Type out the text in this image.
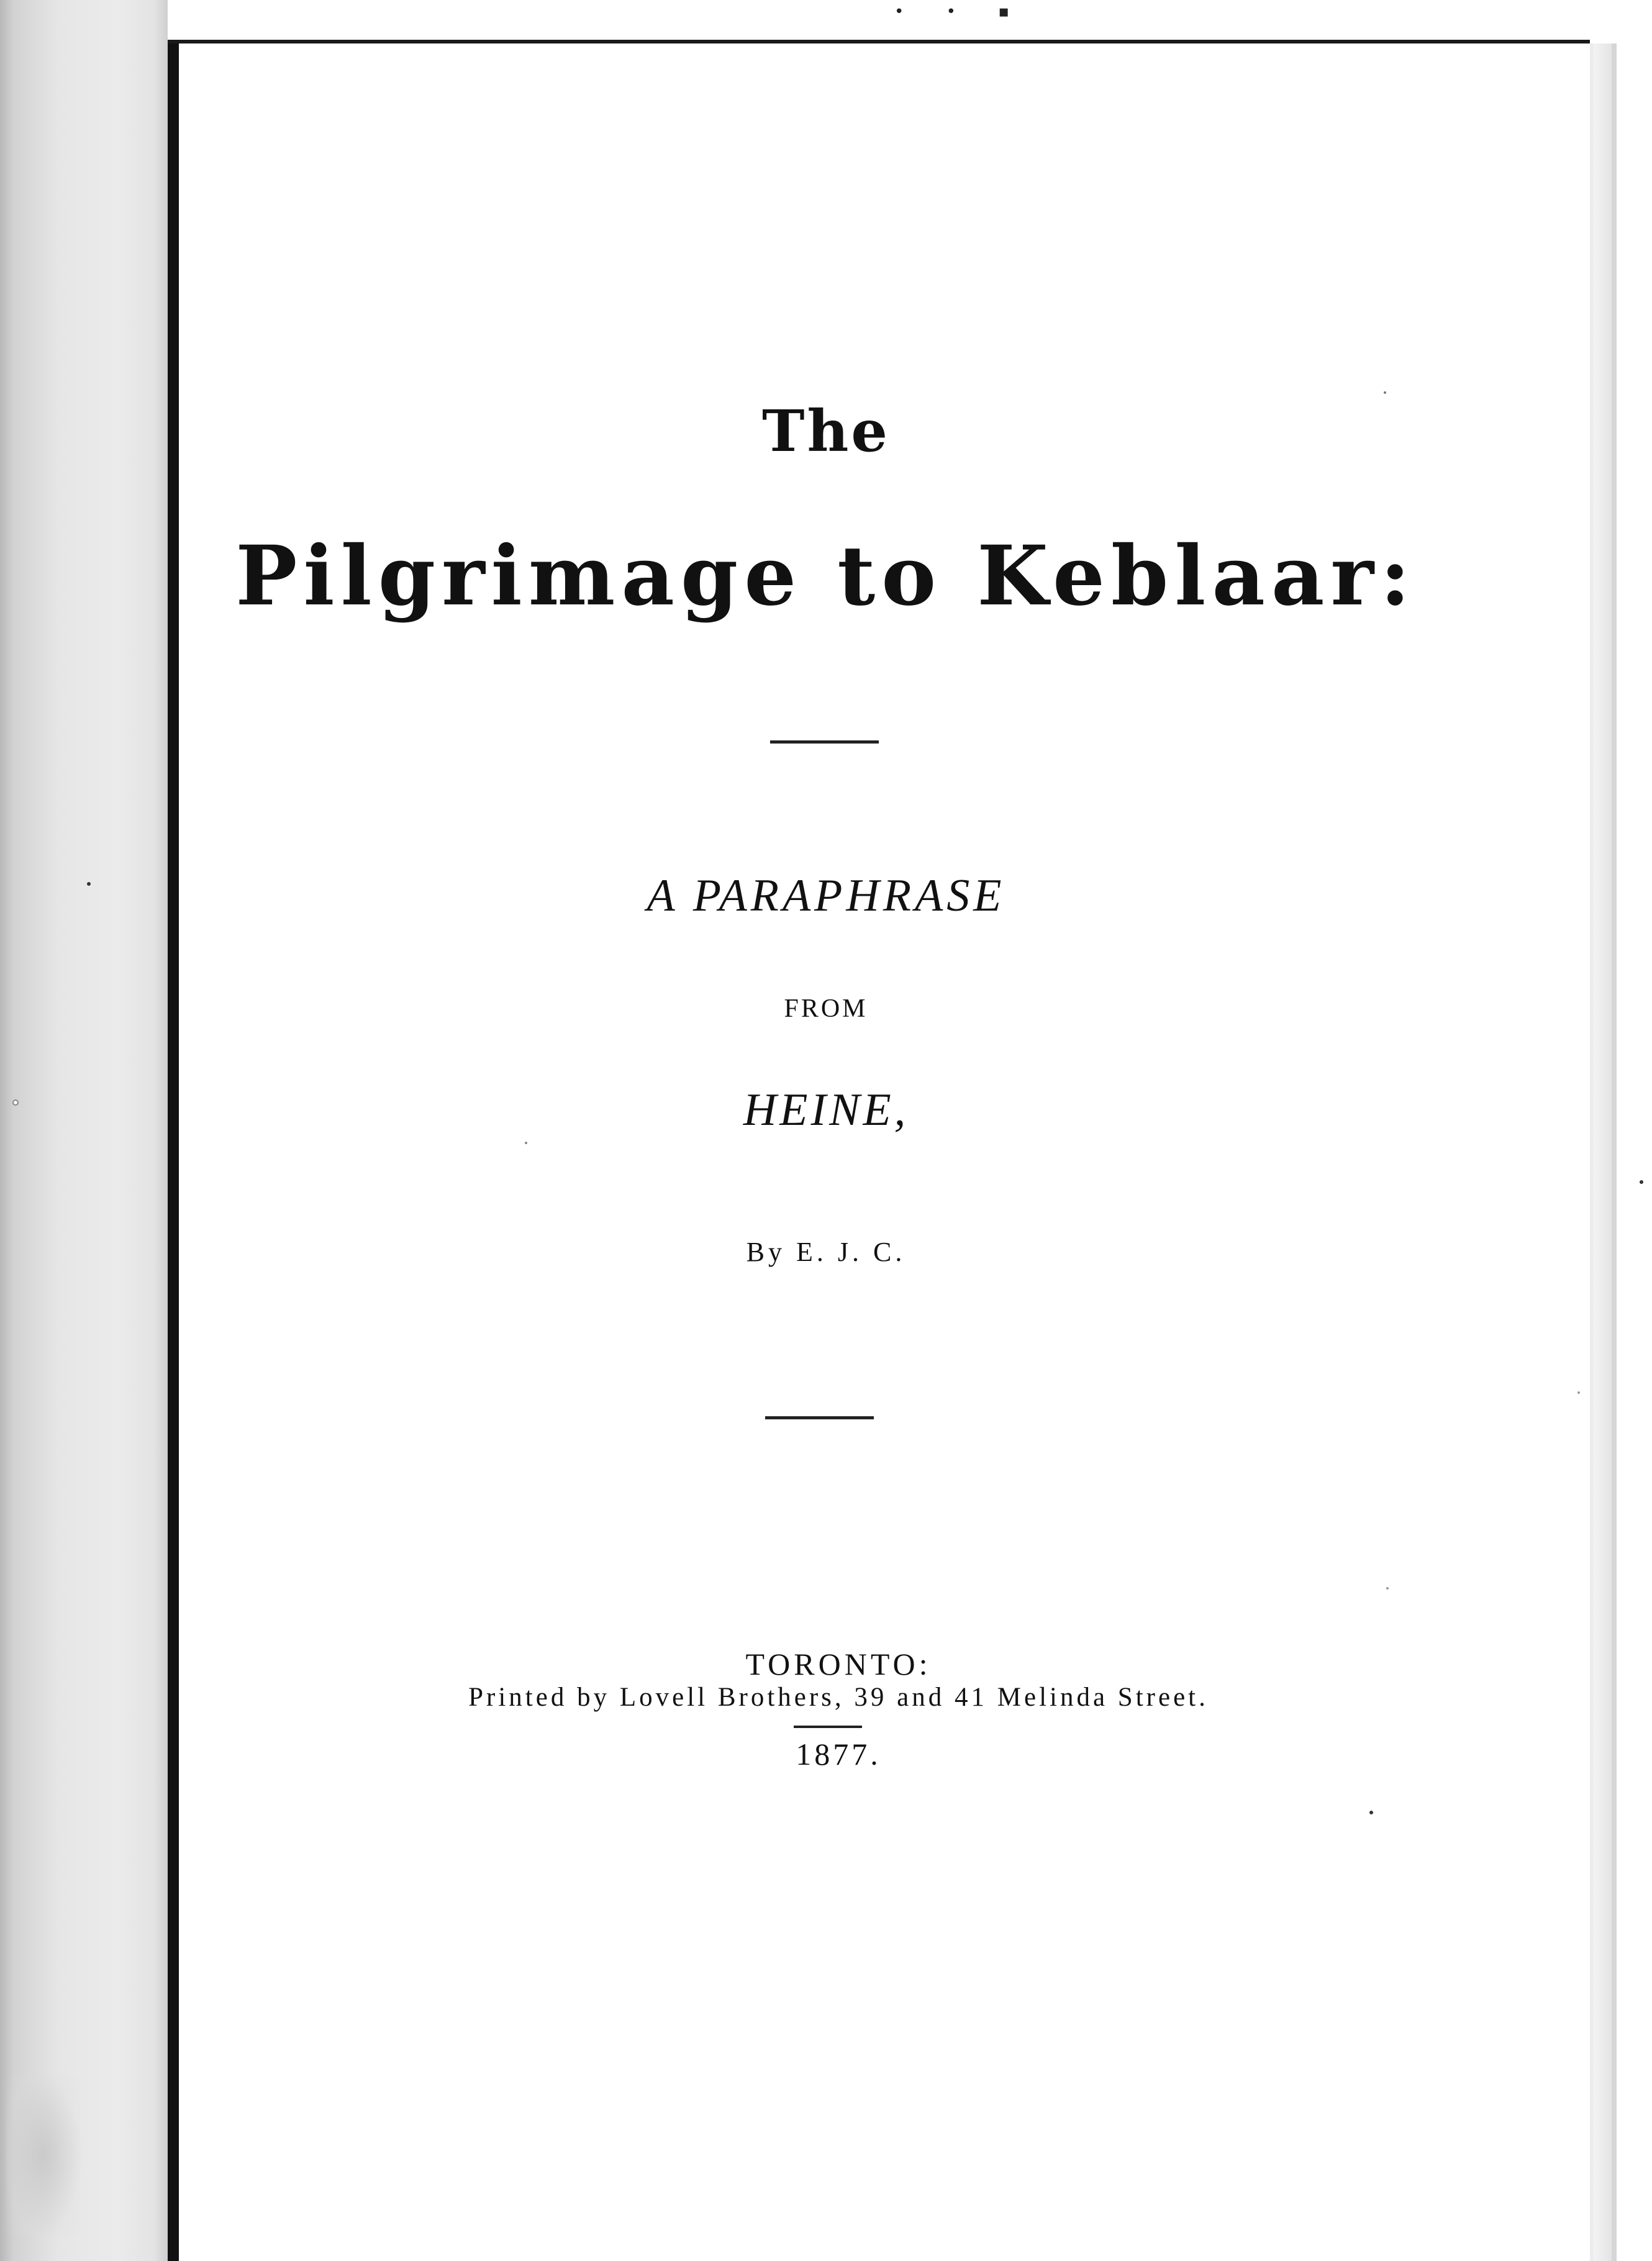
• • ▪
The
Pilgrimage to Keblaar:
A PARAPHRASE
FROM
HEINE,
By E. J. C.
TORONTO:
Printed by Lovell Brothers, 39 and 41 Melinda Street.
1877.
